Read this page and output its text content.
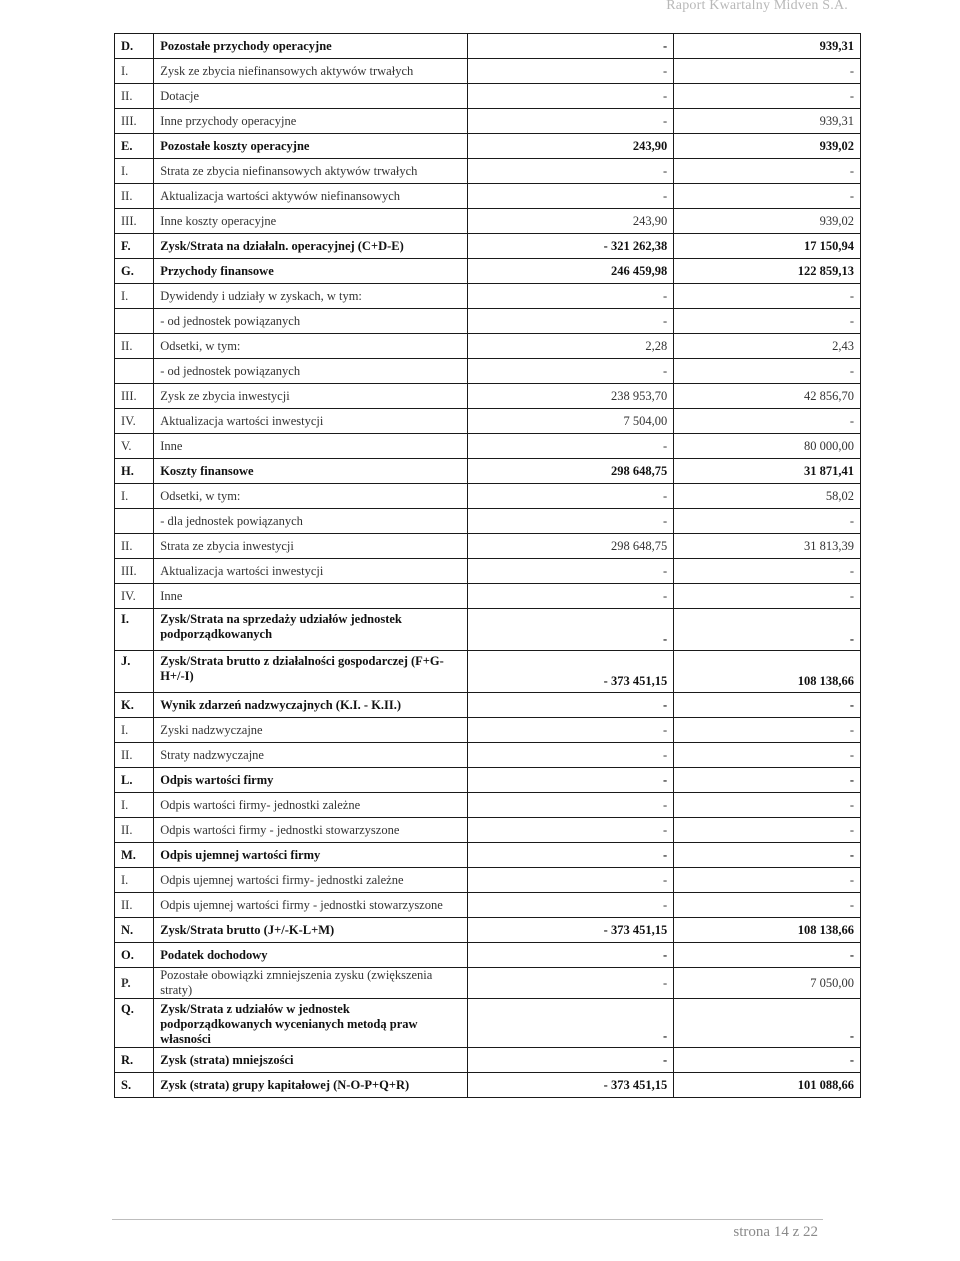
Raport Kwartalny Midven S.A.
D.	Pozostałe przychody operacyjne	-	939,31
I.	Zysk ze zbycia niefinansowych aktywów trwałych	-	-
II.	Dotacje	-	-
III.	Inne przychody operacyjne	-	939,31
E.	Pozostałe koszty operacyjne	243,90	939,02
I.	Strata ze zbycia niefinansowych aktywów trwałych	-	-
II.	Aktualizacja wartości aktywów niefinansowych	-	-
III.	Inne koszty operacyjne	243,90	939,02
F.	Zysk/Strata na działaln. operacyjnej (C+D-E)	- 321 262,38	17 150,94
G.	Przychody finansowe	246 459,98	122 859,13
I.	Dywidendy i udziały w zyskach, w tym:	-	-
	- od jednostek powiązanych	-	-
II.	Odsetki, w tym:	2,28	2,43
	- od jednostek powiązanych	-	-
III.	Zysk ze zbycia inwestycji	238 953,70	42 856,70
IV.	Aktualizacja wartości inwestycji	7 504,00	-
V.	Inne	-	80 000,00
H.	Koszty finansowe	298 648,75	31 871,41
I.	Odsetki, w tym:	-	58,02
	- dla jednostek powiązanych	-	-
II.	Strata ze zbycia inwestycji	298 648,75	31 813,39
III.	Aktualizacja wartości inwestycji	-	-
IV.	Inne	-	-
I.	Zysk/Strata na sprzedaży udziałów jednostek podporządkowanych	-	-
J.	Zysk/Strata brutto z działalności gospodarczej (F+G-H+/-I)	- 373 451,15	108 138,66
K.	Wynik zdarzeń nadzwyczajnych (K.I. - K.II.)	-	-
I.	Zyski nadzwyczajne	-	-
II.	Straty nadzwyczajne	-	-
L.	Odpis wartości firmy	-	-
I.	Odpis wartości firmy- jednostki zależne	-	-
II.	Odpis wartości firmy - jednostki stowarzyszone	-	-
M.	Odpis ujemnej wartości firmy	-	-
I.	Odpis ujemnej wartości firmy- jednostki zależne	-	-
II.	Odpis ujemnej wartości firmy - jednostki stowarzyszone	-	-
N.	Zysk/Strata brutto (J+/-K-L+M)	- 373 451,15	108 138,66
O.	Podatek dochodowy	-	-
P.	Pozostałe obowiązki zmniejszenia zysku (zwiększenia straty)	-	7 050,00
Q.	Zysk/Strata z udziałów w jednostek podporządkowanych wycenianych metodą praw własności	-	-
R.	Zysk (strata) mniejszości	-	-
S.	Zysk (strata) grupy kapitałowej (N-O-P+Q+R)	- 373 451,15	101 088,66
strona 14 z 22
